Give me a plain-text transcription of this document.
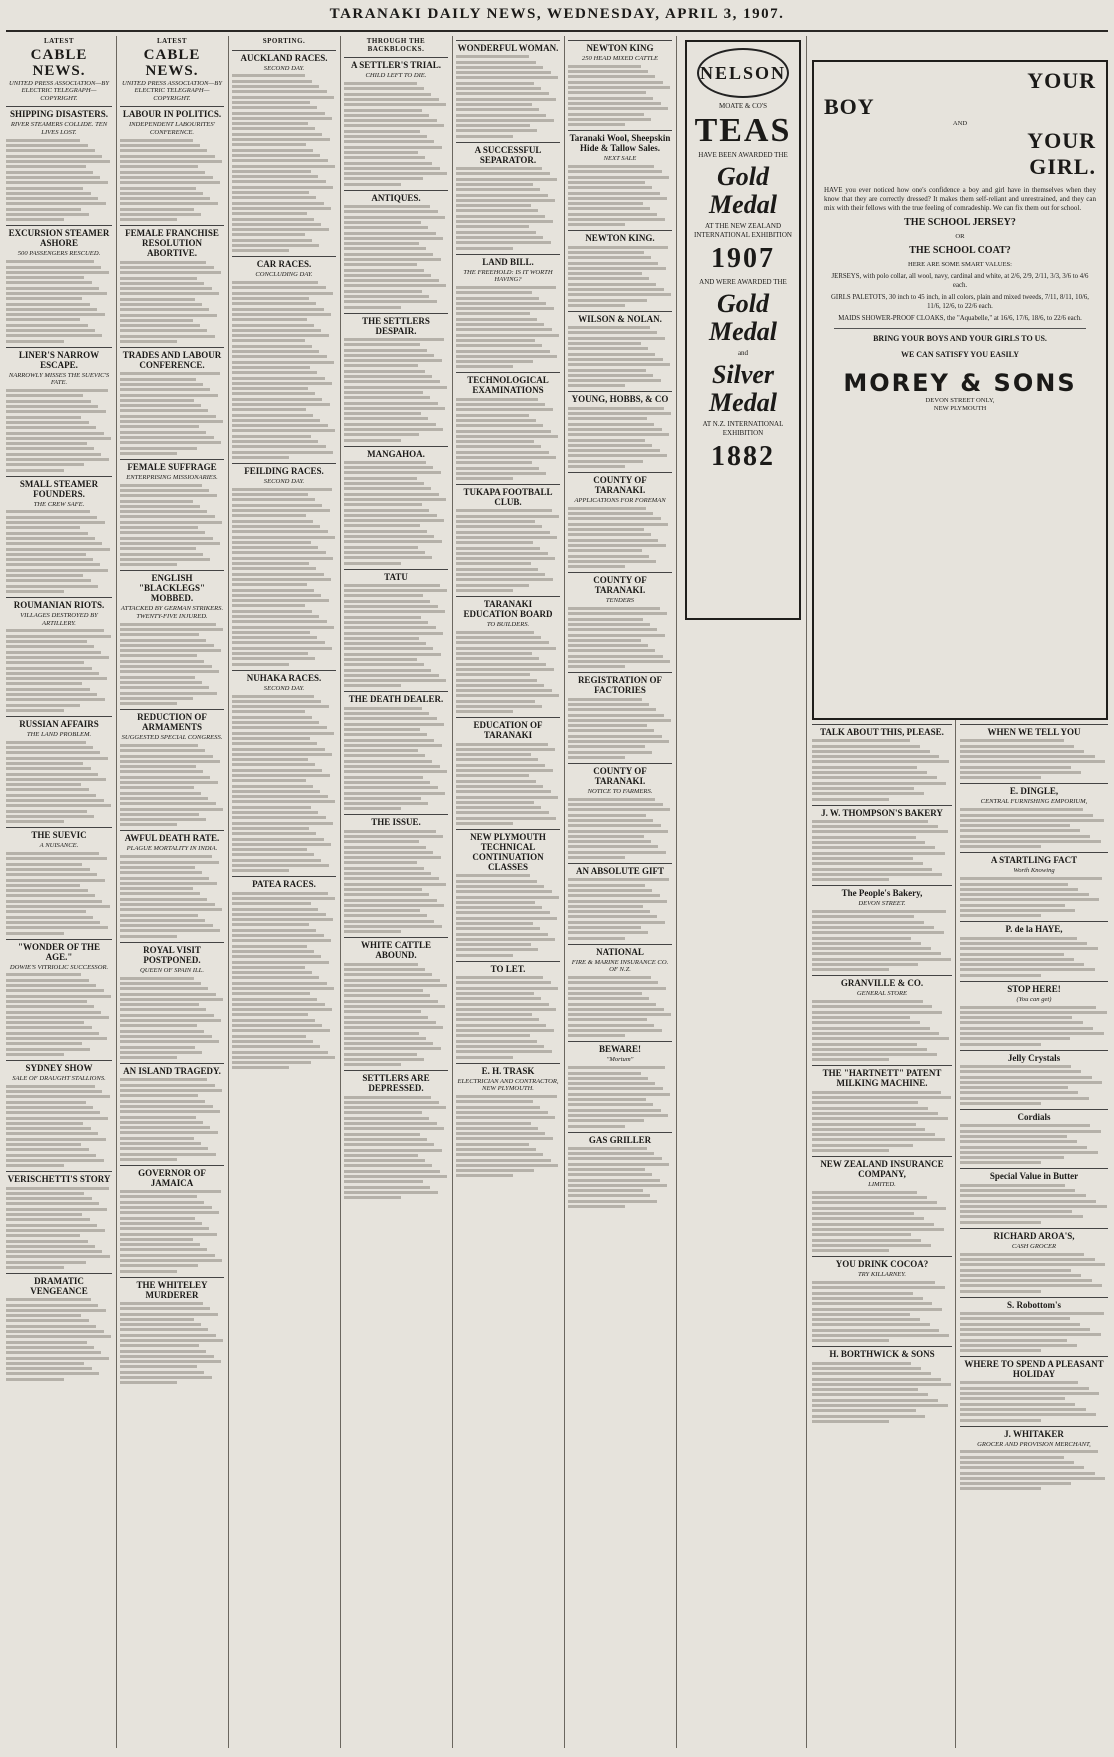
TARANAKI DAILY NEWS, WEDNESDAY, APRIL 3, 1907.
LATEST
CABLE NEWS.
UNITED PRESS ASSOCIATION—BY ELECTRIC TELEGRAPH—COPYRIGHT.
SHIPPING DISASTERS.
RIVER STEAMERS COLLIDE. TEN LIVES LOST.
EXCURSION STEAMER ASHORE
500 PASSENGERS RESCUED.
LINER'S NARROW ESCAPE.
NARROWLY MISSES THE SUEVIC'S FATE.
SMALL STEAMER FOUNDERS.
THE CREW SAFE.
ROUMANIAN RIOTS.
VILLAGES DESTROYED BY ARTILLERY.
RUSSIAN AFFAIRS
THE LAND PROBLEM.
THE SUEVIC
A NUISANCE.
"WONDER OF THE AGE."
DOWIE'S VITRIOLIC SUCCESSOR.
SYDNEY SHOW
SALE OF DRAUGHT STALLIONS.
VERISCHETTI'S STORY
DRAMATIC VENGEANCE
LATEST
CABLE NEWS.
UNITED PRESS ASSOCIATION—BY ELECTRIC TELEGRAPH—COPYRIGHT.
LABOUR IN POLITICS.
INDEPENDENT LABOURITES' CONFERENCE.
FEMALE FRANCHISE RESOLUTION ABORTIVE.
TRADES AND LABOUR CONFERENCE.
FEMALE SUFFRAGE
ENTERPRISING MISSIONARIES.
ENGLISH "BLACKLEGS" MOBBED.
ATTACKED BY GERMAN STRIKERS. TWENTY-FIVE INJURED.
REDUCTION OF ARMAMENTS
SUGGESTED SPECIAL CONGRESS.
AWFUL DEATH RATE.
PLAGUE MORTALITY IN INDIA.
ROYAL VISIT POSTPONED.
QUEEN OF SPAIN ILL.
AN ISLAND TRAGEDY.
GOVERNOR OF JAMAICA
THE WHITELEY MURDERER
SPORTING.
AUCKLAND RACES.
SECOND DAY.
CAR RACES.
CONCLUDING DAY.
FEILDING RACES.
SECOND DAY.
NUHAKA RACES.
SECOND DAY.
PATEA RACES.
THROUGH THE BACKBLOCKS.
A SETTLER'S TRIAL.
CHILD LEFT TO DIE.
ANTIQUES.
THE SETTLERS DESPAIR.
MANGAHOA.
TATU
THE DEATH DEALER.
THE ISSUE.
WHITE CATTLE ABOUND.
SETTLERS ARE DEPRESSED.
WONDERFUL WOMAN.
A SUCCESSFUL SEPARATOR.
LAND BILL.
THE FREEHOLD: IS IT WORTH HAVING?
TECHNOLOGICAL EXAMINATIONS
TUKAPA FOOTBALL CLUB.
TARANAKI EDUCATION BOARD
TO BUILDERS.
EDUCATION OF TARANAKI
NEW PLYMOUTH TECHNICAL CONTINUATION CLASSES
TO LET.
E. H. TRASK
ELECTRICIAN AND CONTRACTOR, NEW PLYMOUTH.
NEWTON KING
250 HEAD MIXED CATTLE
Taranaki Wool, Sheepskin Hide & Tallow Sales.
NEXT SALE
NEWTON KING.
WILSON & NOLAN.
YOUNG, HOBBS, & CO
COUNTY OF TARANAKI.
APPLICATIONS FOR FOREMAN
COUNTY OF TARANAKI.
TENDERS
REGISTRATION OF FACTORIES
COUNTY OF TARANAKI.
NOTICE TO FARMERS.
AN ABSOLUTE GIFT
NATIONAL
FIRE & MARINE INSURANCE CO. OF N.Z.
BEWARE!
"Mortum"
GAS GRILLER
NELSON
MOATE & CO'S
TEAS
HAVE BEEN AWARDED THE
Gold Medal
AT THE NEW ZEALAND INTERNATIONAL EXHIBITION
1907
AND WERE AWARDED THE
Gold Medal
and
Silver Medal
AT N.Z. INTERNATIONAL EXHIBITION
1882
YOUR
BOY
AND
YOUR
GIRL.
HAVE you ever noticed how one's confidence a boy and girl have in themselves when they know that they are correctly dressed? It makes them self-reliant and unrestrained, and they can mix with their fellows with the true feeling of comradeship. We can fix them out for school.
THE SCHOOL JERSEY?
OR
THE SCHOOL COAT?
HERE ARE SOME SMART VALUES:
JERSEYS, with polo collar, all wool, navy, cardinal and white, at 2/6, 2/9, 2/11, 3/3, 3/6 to 4/6 each.
GIRLS PALETOTS, 30 inch to 45 inch, in all colors, plain and mixed tweeds, 7/11, 8/11, 10/6, 11/6, 12/6, to 22/6 each.
MAIDS SHOWER-PROOF CLOAKS, the "Aquabelle," at 16/6, 17/6, 18/6, to 22/6 each.
BRING YOUR BOYS AND YOUR GIRLS TO US.
WE CAN SATISFY YOU EASILY
MOREY & SONS
DEVON STREET ONLY,
NEW PLYMOUTH
TALK ABOUT THIS, PLEASE.
J. W. THOMPSON'S BAKERY
The People's Bakery,
DEVON STREET.
GRANVILLE & CO.
GENERAL STORE
THE "HARTNETT" PATENT MILKING MACHINE.
NEW ZEALAND INSURANCE COMPANY,
LIMITED.
YOU DRINK COCOA?
TRY KILLARNEY.
H. BORTHWICK & SONS
WHEN WE TELL YOU
E. DINGLE,
CENTRAL FURNISHING EMPORIUM,
A STARTLING FACT
Worth Knowing
P. de la HAYE,
STOP HERE!
(You can get)
Jelly Crystals
Cordials
Special Value in Butter
RICHARD AROA'S,
CASH GROCER
S. Robottom's
WHERE TO SPEND A PLEASANT HOLIDAY
J. WHITAKER
GROCER AND PROVISION MERCHANT,
